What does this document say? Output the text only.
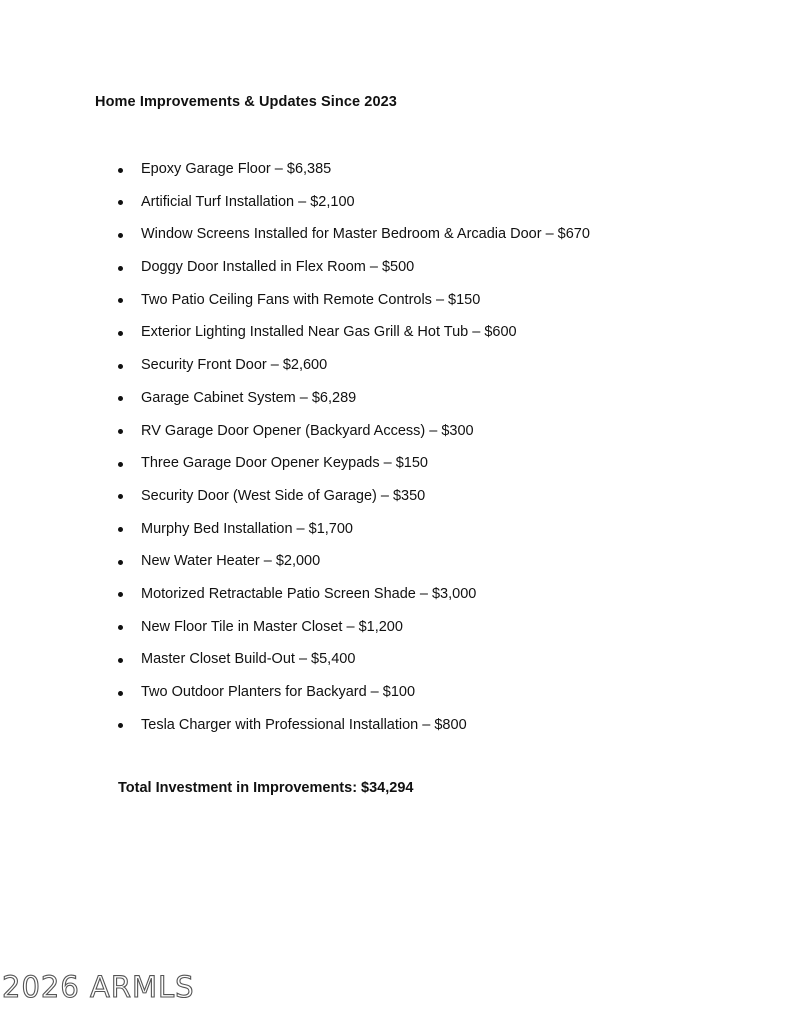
Home Improvements & Updates Since 2023
Epoxy Garage Floor – $6,385
Artificial Turf Installation – $2,100
Window Screens Installed for Master Bedroom & Arcadia Door – $670
Doggy Door Installed in Flex Room – $500
Two Patio Ceiling Fans with Remote Controls – $150
Exterior Lighting Installed Near Gas Grill & Hot Tub – $600
Security Front Door – $2,600
Garage Cabinet System – $6,289
RV Garage Door Opener (Backyard Access) – $300
Three Garage Door Opener Keypads – $150
Security Door (West Side of Garage) – $350
Murphy Bed Installation – $1,700
New Water Heater – $2,000
Motorized Retractable Patio Screen Shade – $3,000
New Floor Tile in Master Closet – $1,200
Master Closet Build-Out – $5,400
Two Outdoor Planters for Backyard – $100
Tesla Charger with Professional Installation – $800
Total Investment in Improvements: $34,294
2026 ARMLS
